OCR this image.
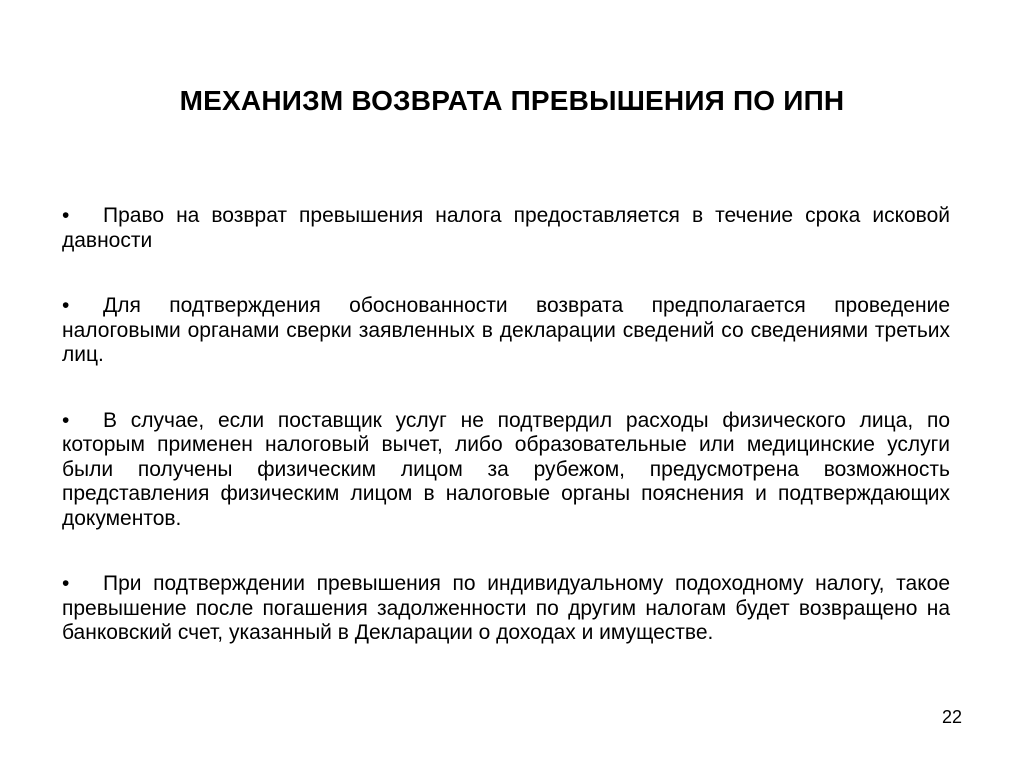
МЕХАНИЗМ ВОЗВРАТА ПРЕВЫШЕНИЯ ПО ИПН
• Право на возврат превышения налога предоставляется в течение срока исковой давности
• Для подтверждения обоснованности возврата предполагается проведение налоговыми органами сверки заявленных в декларации сведений со сведениями третьих лиц.
• В случае, если поставщик услуг не подтвердил расходы физического лица, по которым применен налоговый вычет, либо образовательные или медицинские услуги были получены физическим лицом за рубежом, предусмотрена возможность представления физическим лицом в налоговые органы пояснения и подтверждающих документов.
• При подтверждении превышения по индивидуальному подоходному налогу, такое превышение после погашения задолженности по другим налогам будет возвращено на банковский счет, указанный в Декларации о доходах и имуществе.
22
